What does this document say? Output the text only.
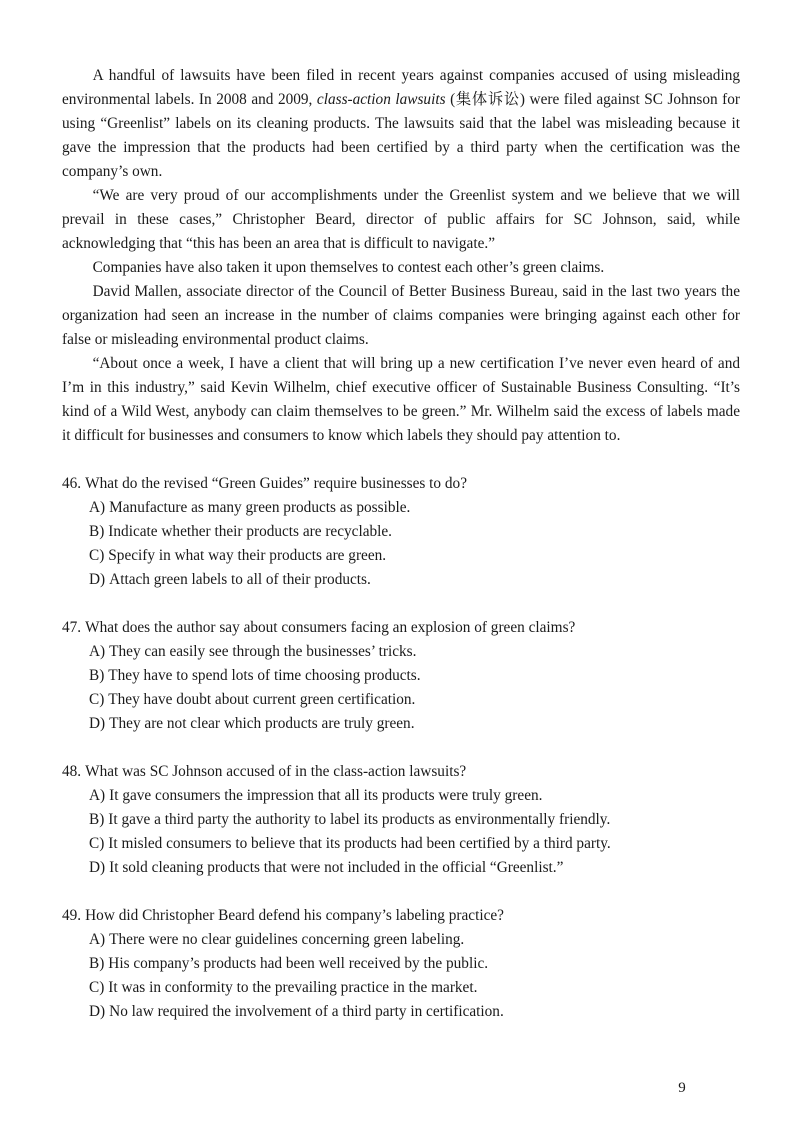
A handful of lawsuits have been filed in recent years against companies accused of using misleading environmental labels. In 2008 and 2009, class-action lawsuits (集体诉讼) were filed against SC Johnson for using “Greenlist” labels on its cleaning products. The lawsuits said that the label was misleading because it gave the impression that the products had been certified by a third party when the certification was the company’s own.

“We are very proud of our accomplishments under the Greenlist system and we believe that we will prevail in these cases,” Christopher Beard, director of public affairs for SC Johnson, said, while acknowledging that “this has been an area that is difficult to navigate.”

Companies have also taken it upon themselves to contest each other’s green claims.

David Mallen, associate director of the Council of Better Business Bureau, said in the last two years the organization had seen an increase in the number of claims companies were bringing against each other for false or misleading environmental product claims.

“About once a week, I have a client that will bring up a new certification I’ve never even heard of and I’m in this industry,” said Kevin Wilhelm, chief executive officer of Sustainable Business Consulting. “It’s kind of a Wild West, anybody can claim themselves to be green.” Mr. Wilhelm said the excess of labels made it difficult for businesses and consumers to know which labels they should pay attention to.

46. What do the revised “Green Guides” require businesses to do?

A) Manufacture as many green products as possible.

B) Indicate whether their products are recyclable.

C) Specify in what way their products are green.

D) Attach green labels to all of their products.

47. What does the author say about consumers facing an explosion of green claims?

A) They can easily see through the businesses’ tricks.

B) They have to spend lots of time choosing products.

C) They have doubt about current green certification.

D) They are not clear which products are truly green.

48. What was SC Johnson accused of in the class-action lawsuits?

A) It gave consumers the impression that all its products were truly green.

B) It gave a third party the authority to label its products as environmentally friendly.

C) It misled consumers to believe that its products had been certified by a third party.

D) It sold cleaning products that were not included in the official “Greenlist.”

49. How did Christopher Beard defend his company’s labeling practice?

A) There were no clear guidelines concerning green labeling.

B) His company’s products had been well received by the public.

C) It was in conformity to the prevailing practice in the market.

D) No law required the involvement of a third party in certification.

9
